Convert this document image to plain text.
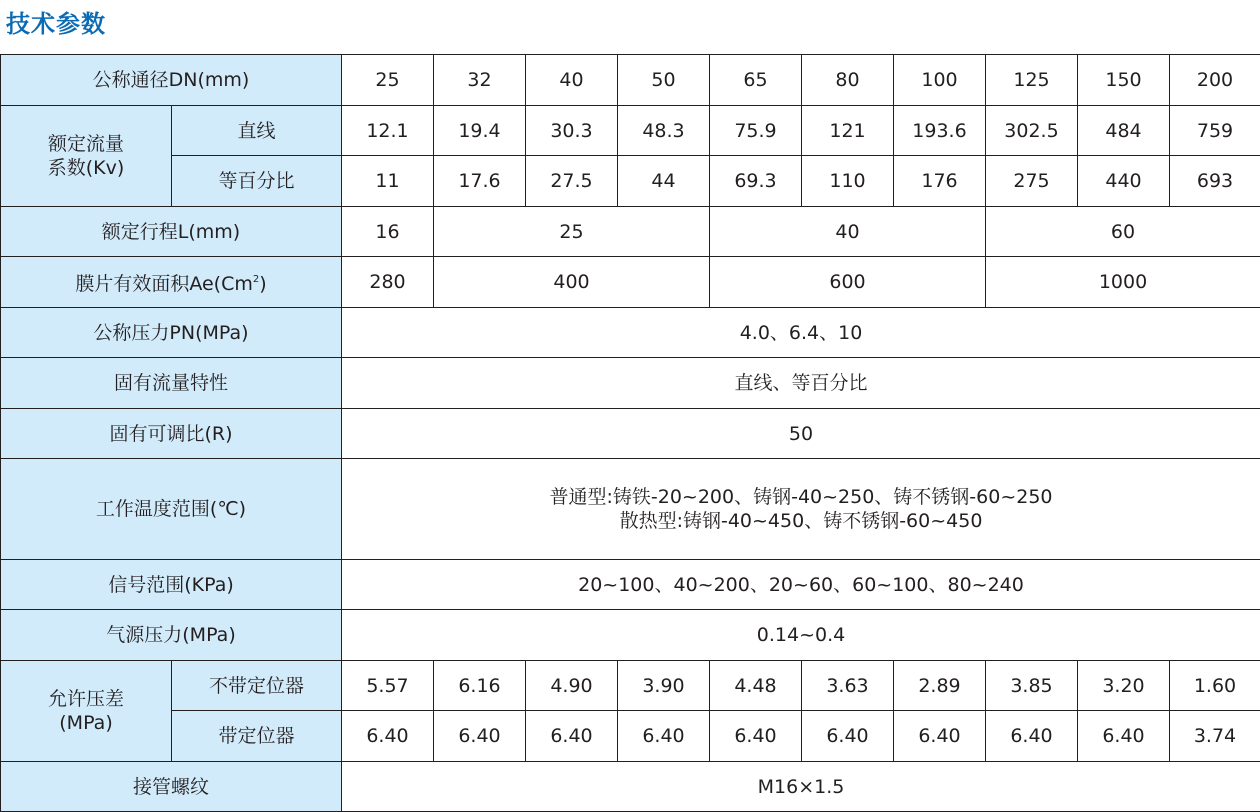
技术参数
公称通径DN(mm)		25	32	40	50	65	80	100	125	150	200

额定流量
系数(Kv)	直线	12.1	19.4	30.3	48.3	75.9	121	193.6	302.5	484	759
	等百分比	11	17.6	27.5	44	69.3	110	176	275	440	693
额定行程L(mm)		16	25			40			60		
膜片有效面积Ae(Cm$^2$)		280	400			600			1000		
公称压力PN(MPa)		4.0、6.4、10									
固有流量特性		直线、等百分比									
固有可调比(R)		50									
工作温度范围(℃)		普通型:铸铁-20~200、铸钢-40~250、铸不锈钢-60~250
散热型:铸钢-40~450、铸不锈钢-60~450									

信号范围(KPa)		20~100、40~200、20~60、60~100、80~240									
气源压力(MPa)		0.14~0.4									

允许压差
(MPa)	不带定位器	5.57	6.16	4.90	3.90	4.48	3.63	2.89	3.85	3.20	1.60
	带定位器	6.40	6.40	6.40	6.40	6.40	6.40	6.40	6.40	6.40	3.74
接管螺纹		M16×1.5									
